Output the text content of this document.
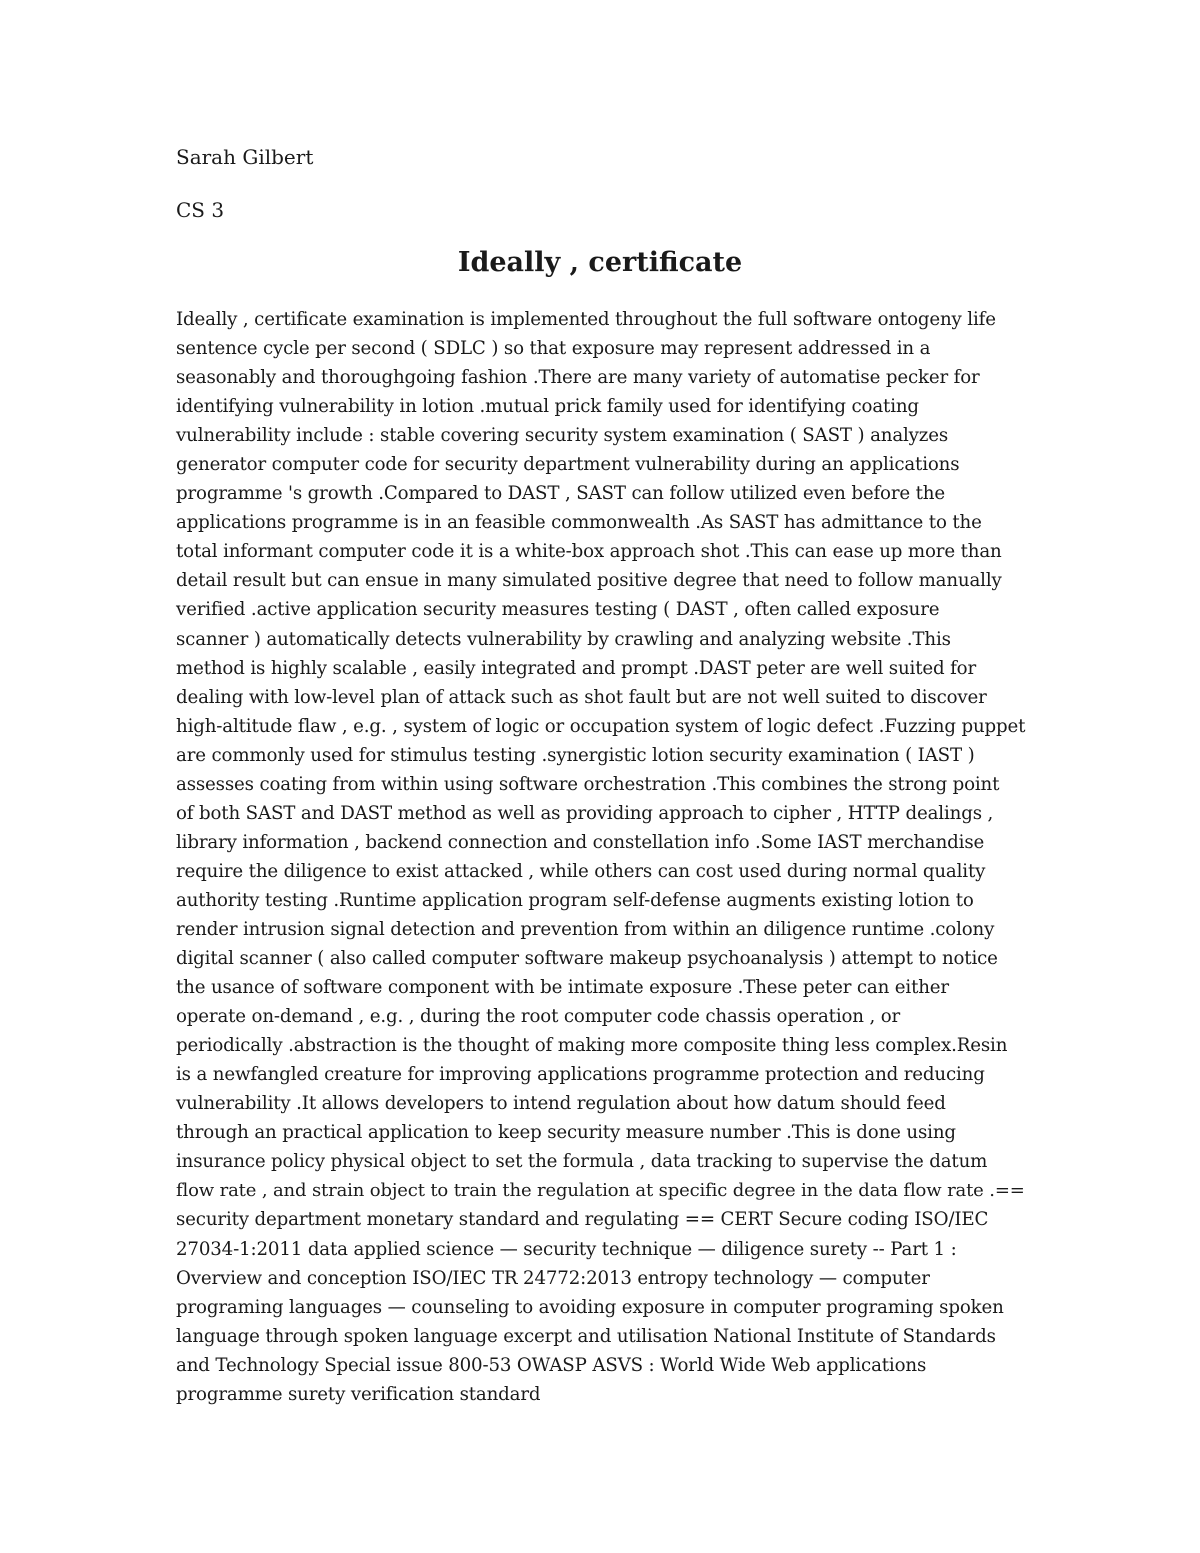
Sarah Gilbert

CS 3

Ideally , certificate
Ideally , certificate examination is implemented throughout the full software ontogeny life
sentence cycle per second ( SDLC ) so that exposure may represent addressed in a
seasonably and thoroughgoing fashion .There are many variety of automatise pecker for
identifying vulnerability in lotion .mutual prick family used for identifying coating
vulnerability include : stable covering security system examination ( SAST ) analyzes
generator computer code for security department vulnerability during an applications
programme 's growth .Compared to DAST , SAST can follow utilized even before the
applications programme is in an feasible commonwealth .As SAST has admittance to the
total informant computer code it is a white-box approach shot .This can ease up more than
detail result but can ensue in many simulated positive degree that need to follow manually
verified .active application security measures testing ( DAST , often called exposure
scanner ) automatically detects vulnerability by crawling and analyzing website .This
method is highly scalable , easily integrated and prompt .DAST peter are well suited for
dealing with low-level plan of attack such as shot fault but are not well suited to discover
high-altitude flaw , e.g. , system of logic or occupation system of logic defect .Fuzzing puppet
are commonly used for stimulus testing .synergistic lotion security examination ( IAST )
assesses coating from within using software orchestration .This combines the strong point
of both SAST and DAST method as well as providing approach to cipher , HTTP dealings ,
library information , backend connection and constellation info .Some IAST merchandise
require the diligence to exist attacked , while others can cost used during normal quality
authority testing .Runtime application program self-defense augments existing lotion to
render intrusion signal detection and prevention from within an diligence runtime .colony
digital scanner ( also called computer software makeup psychoanalysis ) attempt to notice
the usance of software component with be intimate exposure .These peter can either
operate on-demand , e.g. , during the root computer code chassis operation , or
periodically .abstraction is the thought of making more composite thing less complex.Resin
is a newfangled creature for improving applications programme protection and reducing
vulnerability .It allows developers to intend regulation about how datum should feed
through an practical application to keep security measure number .This is done using
insurance policy physical object to set the formula , data tracking to supervise the datum
flow rate , and strain object to train the regulation at specific degree in the data flow rate .==
security department monetary standard and regulating == CERT Secure coding ISO/IEC
27034-1:2011 data applied science — security technique — diligence surety -- Part 1 :
Overview and conception ISO/IEC TR 24772:2013 entropy technology — computer
programing languages — counseling to avoiding exposure in computer programing spoken
language through spoken language excerpt and utilisation National Institute of Standards
and Technology Special issue 800-53 OWASP ASVS : World Wide Web applications
programme surety verification standard
